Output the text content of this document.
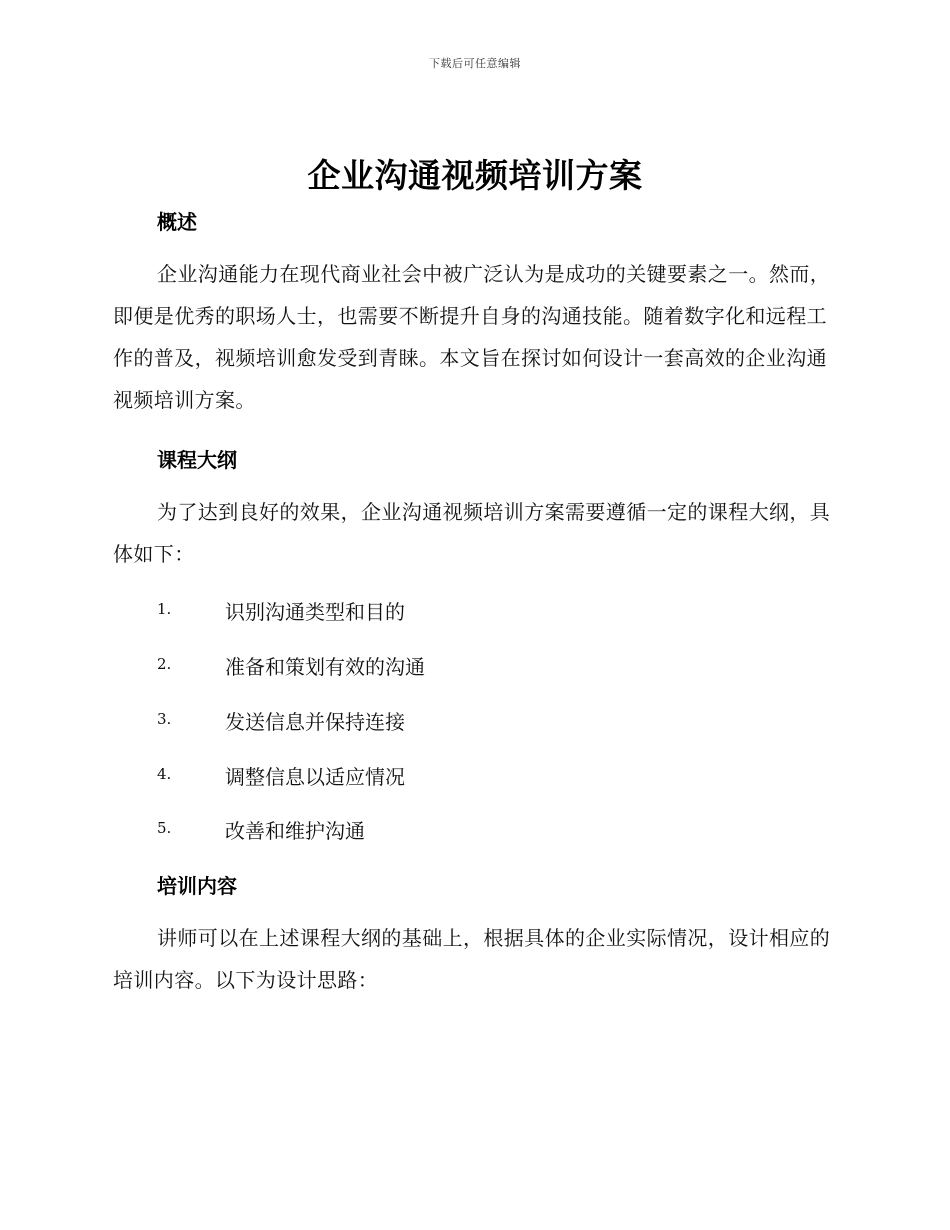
下载后可任意编辑
企业沟通视频培训方案
概述

企业沟通能力在现代商业社会中被广泛认为是成功的关键要素之一。然而，即便是优秀的职场人士，也需要不断提升自身的沟通技能。随着数字化和远程工作的普及，视频培训愈发受到青睐。本文旨在探讨如何设计一套高效的企业沟通视频培训方案。

课程大纲

为了达到良好的效果，企业沟通视频培训方案需要遵循一定的课程大纲，具体如下：

1.	识别沟通类型和目的
2.	准备和策划有效的沟通
3.	发送信息并保持连接
4.	调整信息以适应情况
5.	改善和维护沟通
培训内容

讲师可以在上述课程大纲的基础上，根据具体的企业实际情况，设计相应的培训内容。以下为设计思路：
